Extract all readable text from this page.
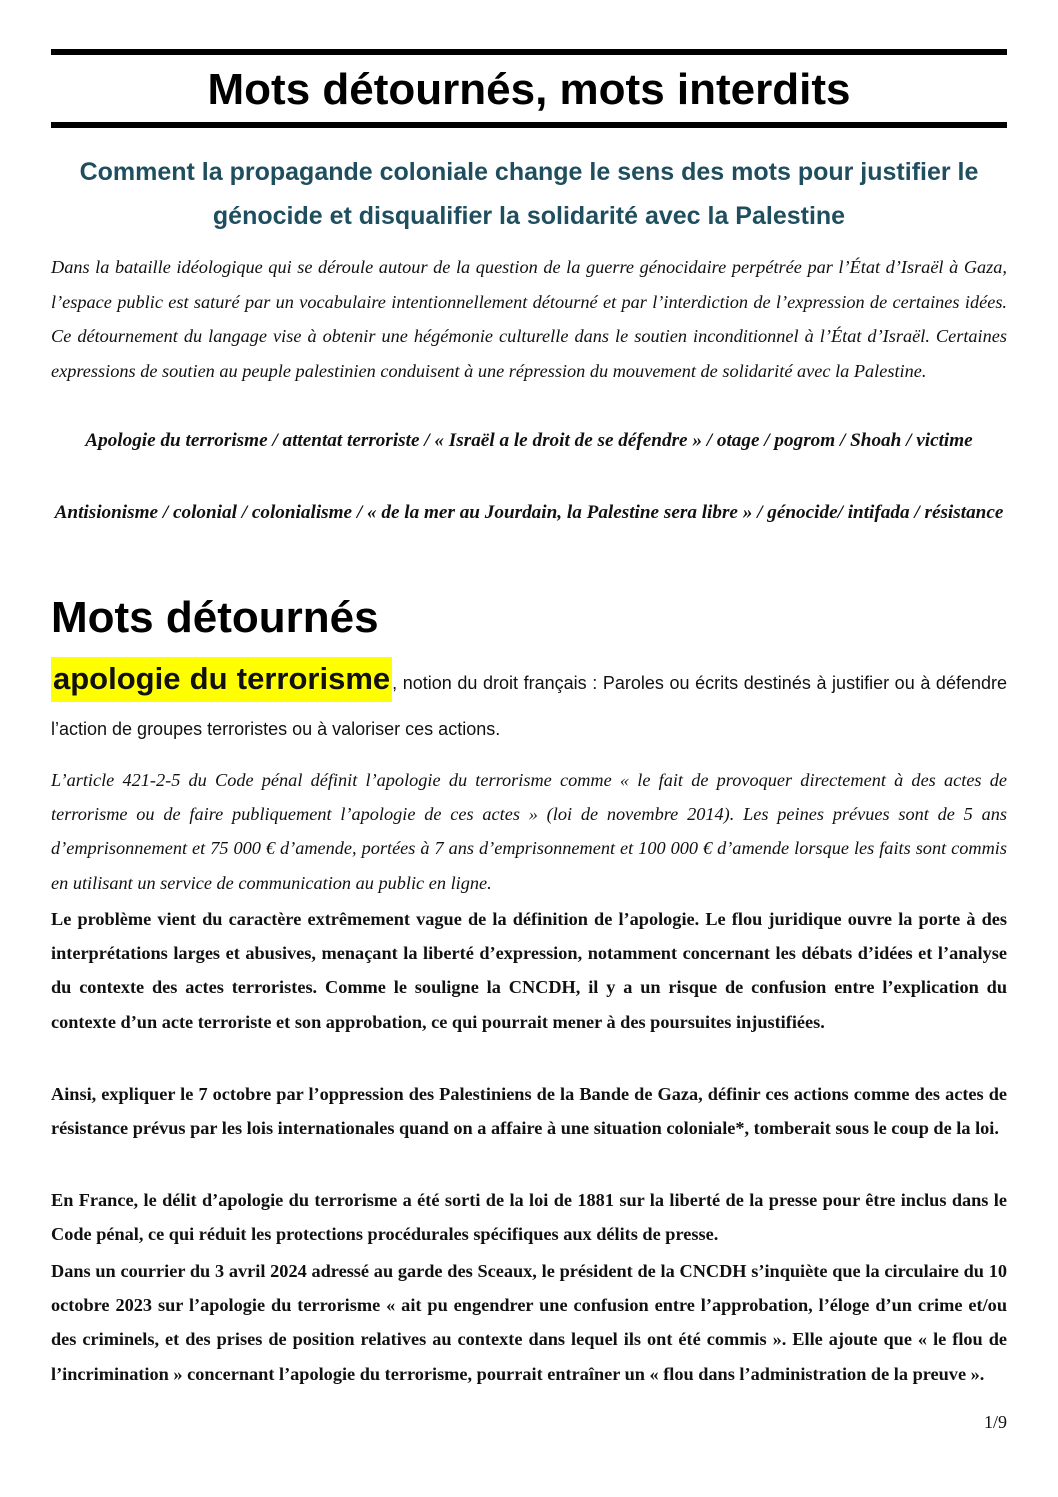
Mots détournés, mots interdits
Comment la propagande coloniale change le sens des mots pour justifier le génocide et disqualifier la solidarité avec la Palestine

Dans la bataille idéologique qui se déroule autour de la question de la guerre génocidaire perpétrée par l’État d’Israël à Gaza, l’espace public est saturé par un vocabulaire intentionnellement détourné et par l’interdiction de l’expression de certaines idées. Ce détournement du langage vise à obtenir une hégémonie culturelle dans le soutien inconditionnel à l’État d’Israël. Certaines expressions de soutien au peuple palestinien conduisent à une répression du mouvement de solidarité avec la Palestine.

Apologie du terrorisme / attentat terroriste / « Israël a le droit de se défendre » / otage / pogrom / Shoah / victime

Antisionisme / colonial / colonialisme / « de la mer au Jourdain, la Palestine sera libre » / génocide/ intifada / résistance

Mots détournés

apologie du terrorisme , notion du droit français : Paroles ou écrits destinés à justifier ou à défendre l’action de groupes terroristes ou à valoriser ces actions.

L’article 421-2-5 du Code pénal définit l’apologie du terrorisme comme « le fait de provoquer directement à des actes de terrorisme ou de faire publiquement l’apologie de ces actes » (loi de novembre 2014). Les peines prévues sont de 5 ans d’emprisonnement et 75 000 € d’amende, portées à 7 ans d’emprisonnement et 100 000 € d’amende lorsque les faits sont commis en utilisant un service de communication au public en ligne.

Le problème vient du caractère extrêmement vague de la définition de l’apologie. Le flou juridique ouvre la porte à des interprétations larges et abusives, menaçant la liberté d’expression, notamment concernant les débats d’idées et l’analyse du contexte des actes terroristes. Comme le souligne la CNCDH, il y a un risque de confusion entre l’explication du contexte d’un acte terroriste et son approbation, ce qui pourrait mener à des poursuites injustifiées.

Ainsi, expliquer le 7 octobre par l’oppression des Palestiniens de la Bande de Gaza, définir ces actions comme des actes de résistance prévus par les lois internationales quand on a affaire à une situation coloniale*, tomberait sous le coup de la loi.

En France, le délit d’apologie du terrorisme a été sorti de la loi de 1881 sur la liberté de la presse pour être inclus dans le Code pénal, ce qui réduit les protections procédurales spécifiques aux délits de presse.

Dans un courrier du 3 avril 2024 adressé au garde des Sceaux, le président de la CNCDH s’inquiète que la circulaire du 10 octobre 2023 sur l’apologie du terrorisme « ait pu engendrer une confusion entre l’approbation, l’éloge d’un crime et/ou des criminels, et des prises de position relatives au contexte dans lequel ils ont été commis ». Elle ajoute que « le flou de l’incrimination » concernant l’apologie du terrorisme, pourrait entraîner un « flou dans l’administration de la preuve ».

1/9
